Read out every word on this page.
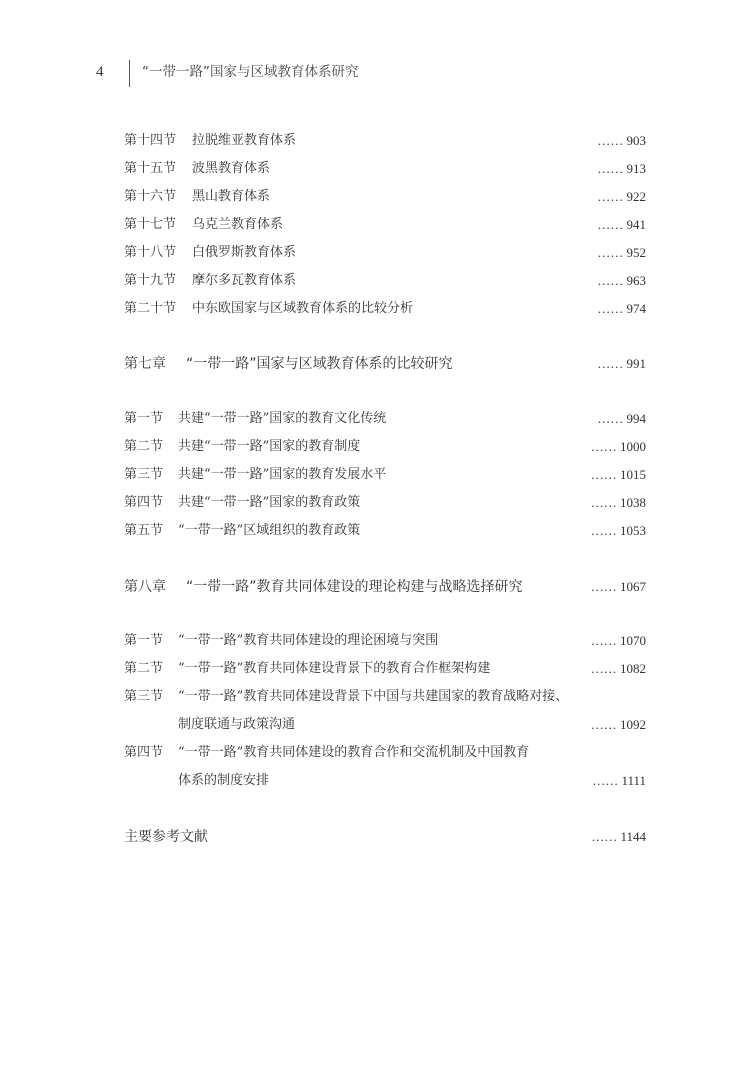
4	“一带一路”国家与区域教育体系研究
第十四节 拉脱维亚教育体系	…… 903
第十五节 波黑教育体系	…… 913
第十六节 黑山教育体系	…… 922
第十七节 乌克兰教育体系	…… 941
第十八节 白俄罗斯教育体系	…… 952
第十九节 摩尔多瓦教育体系	…… 963
第二十节 中东欧国家与区域教育体系的比较分析	…… 974
第七章 “一带一路”国家与区域教育体系的比较研究	…… 991
第一节 共建“一带一路”国家的教育文化传统	…… 994
第二节 共建“一带一路”国家的教育制度	…… 1000
第三节 共建“一带一路”国家的教育发展水平	…… 1015
第四节 共建“一带一路”国家的教育政策	…… 1038
第五节 “一带一路”区域组织的教育政策	…… 1053
第八章 “一带一路”教育共同体建设的理论构建与战略选择研究	…… 1067
第一节 “一带一路”教育共同体建设的理论困境与突围	…… 1070
第二节 “一带一路”教育共同体建设背景下的教育合作框架构建	…… 1082
第三节 “一带一路”教育共同体建设背景下中国与共建国家的教育战略对接、
制度联通与政策沟通	…… 1092
第四节 “一带一路”教育共同体建设的教育合作和交流机制及中国教育
体系的制度安排	…… 1111
主要参考文献	…… 1144
